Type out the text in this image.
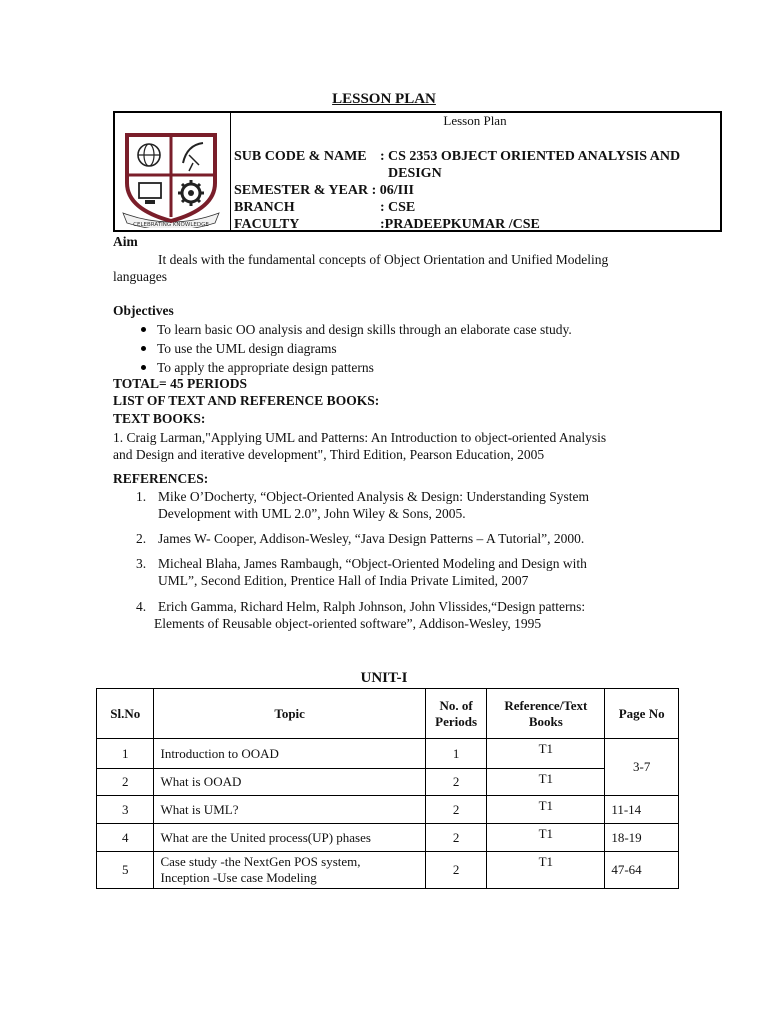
LESSON PLAN
CELEBRATING KNOWLEDGE
Lesson Plan
SUB CODE & NAME : CS 2353 OBJECT ORIENTED ANALYSIS AND
DESIGN
SEMESTER & YEAR : 06/III
BRANCH	: CSE
FACULTY	:PRADEEPKUMAR /CSE
Aim
It deals with the fundamental concepts of Object Orientation and Unified Modeling
languages
Objectives
To learn basic OO analysis and design skills through an elaborate case study.
To use the UML design diagrams
To apply the appropriate design patterns
TOTAL= 45 PERIODS
LIST OF TEXT AND REFERENCE BOOKS:
TEXT BOOKS:
1. Craig Larman,"Applying UML and Patterns: An Introduction to object-oriented Analysis
and Design and iterative development", Third Edition, Pearson Education, 2005
REFERENCES:
1. Mike O’Docherty, “Object-Oriented Analysis & Design: Understanding System
Development with UML 2.0”, John Wiley & Sons, 2005.
2. James W- Cooper, Addison-Wesley, “Java Design Patterns – A Tutorial”, 2000.
3. Micheal Blaha, James Rambaugh, “Object-Oriented Modeling and Design with
UML”, Second Edition, Prentice Hall of India Private Limited, 2007
4. Erich Gamma, Richard Helm, Ralph Johnson, John Vlissides,“Design patterns:
Elements of Reusable object-oriented software”, Addison-Wesley, 1995
UNIT-I
Sl.No	Topic	No. of Periods	Reference/Text Books	Page No
1	Introduction to OOAD	1	T1	3-7
2	What is OOAD	2	T1	
3	What is UML?	2	T1	11-14
4	What are the United process(UP) phases	2	T1	18-19
5	Case study -the NextGen POS system,
Inception -Use case Modeling	2	T1	47-64
